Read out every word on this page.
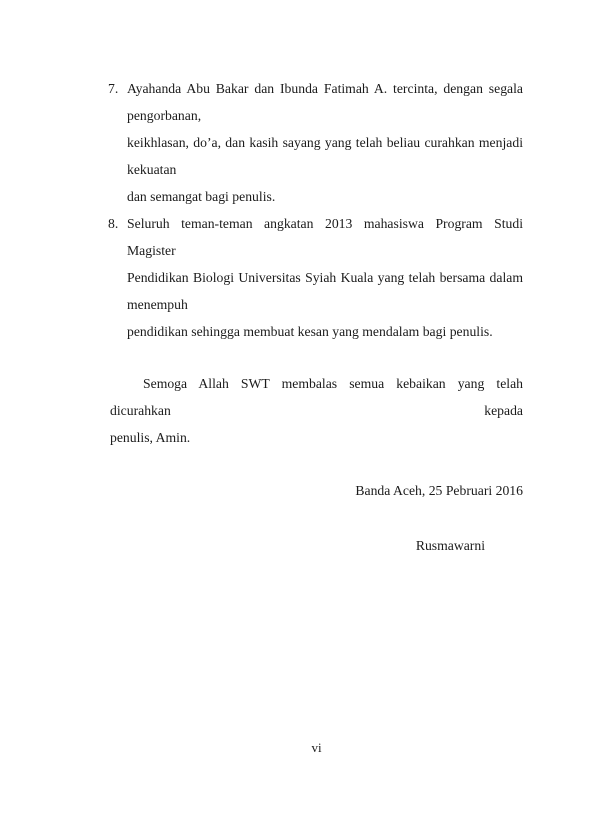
7. Ayahanda Abu Bakar dan Ibunda Fatimah A. tercinta, dengan segala pengorbanan,
keikhlasan, do’a, dan kasih sayang yang telah beliau curahkan menjadi kekuatan
dan semangat bagi penulis.
8. Seluruh teman-teman angkatan 2013 mahasiswa Program Studi Magister
Pendidikan Biologi Universitas Syiah Kuala yang telah bersama dalam menempuh
pendidikan sehingga membuat kesan yang mendalam bagi penulis.
Semoga Allah SWT membalas semua kebaikan yang telah dicurahkan kepada
penulis, Amin.
Banda Aceh, 25 Pebruari 2016
Rusmawarni
vi
